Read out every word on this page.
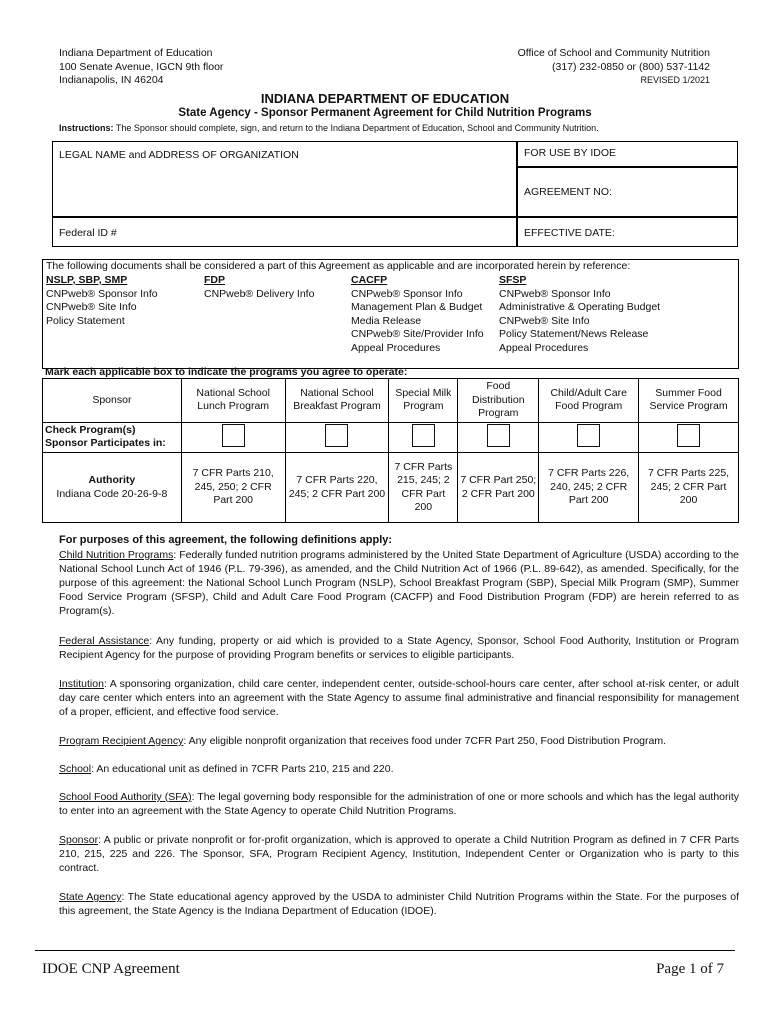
Indiana Department of Education
100 Senate Avenue, IGCN 9th floor
Indianapolis, IN 46204
Office of School and Community Nutrition
(317) 232-0850 or (800) 537-1142
REVISED 1/2021
INDIANA DEPARTMENT OF EDUCATION
State Agency - Sponsor Permanent Agreement for Child Nutrition Programs
Instructions: The Sponsor should complete, sign, and return to the Indiana Department of Education, School and Community Nutrition.
LEGAL NAME and ADDRESS OF ORGANIZATION
Federal ID #
FOR USE BY IDOE
AGREEMENT NO:
EFFECTIVE DATE:
The following documents shall be considered a part of this Agreement as applicable and are incorporated herein by reference:
NSLP, SBP, SMP
CNPweb® Sponsor Info
CNPweb® Site Info
Policy Statement
FDP
CNPweb® Delivery Info
CACFP
CNPweb® Sponsor Info
Management Plan & Budget
Media Release
CNPweb® Site/Provider Info
Appeal Procedures
SFSP
CNPweb® Sponsor Info
Administrative & Operating Budget
CNPweb® Site Info
Policy Statement/News Release
Appeal Procedures
Mark each applicable box to indicate the programs you agree to operate:
Sponsor	National School Lunch Program	National School Breakfast Program	Special Milk Program	Food Distribution Program	Child/Adult Care Food Program	Summer Food Service Program
Check Program(s) Sponsor Participates in:						

Authority
Indiana Code 20-26-9-8	7 CFR Parts 210, 245, 250; 2 CFR Part 200	7 CFR Parts 220, 245; 2 CFR Part 200	7 CFR Parts 215, 245; 2 CFR Part 200	7 CFR Part 250; 2 CFR Part 200	7 CFR Parts 226, 240, 245; 2 CFR Part 200	7 CFR Parts 225, 245; 2 CFR Part 200
For purposes of this agreement, the following definitions apply:
Child Nutrition Programs: Federally funded nutrition programs administered by the United State Department of Agriculture (USDA) according to the National School Lunch Act of 1946 (P.L. 79-396), as amended, and the Child Nutrition Act of 1966 (P.L. 89-642), as amended. Specifically, for the purpose of this agreement: the National School Lunch Program (NSLP), School Breakfast Program (SBP), Special Milk Program (SMP), Summer Food Service Program (SFSP), Child and Adult Care Food Program (CACFP) and Food Distribution Program (FDP) are herein referred to as Program(s).
Federal Assistance: Any funding, property or aid which is provided to a State Agency, Sponsor, School Food Authority, Institution or Program Recipient Agency for the purpose of providing Program benefits or services to eligible participants.
Institution: A sponsoring organization, child care center, independent center, outside-school-hours care center, after school at-risk center, or adult day care center which enters into an agreement with the State Agency to assume final administrative and financial responsibility for management of a proper, efficient, and effective food service.
Program Recipient Agency: Any eligible nonprofit organization that receives food under 7CFR Part 250, Food Distribution Program.
School: An educational unit as defined in 7CFR Parts 210, 215 and 220.
School Food Authority (SFA): The legal governing body responsible for the administration of one or more schools and which has the legal authority to enter into an agreement with the State Agency to operate Child Nutrition Programs.
Sponsor: A public or private nonprofit or for-profit organization, which is approved to operate a Child Nutrition Program as defined in 7 CFR Parts 210, 215, 225 and 226. The Sponsor, SFA, Program Recipient Agency, Institution, Independent Center or Organization who is party to this contract.
State Agency: The State educational agency approved by the USDA to administer Child Nutrition Programs within the State. For the purposes of this agreement, the State Agency is the Indiana Department of Education (IDOE).
IDOE CNP Agreement	Page 1 of 7
